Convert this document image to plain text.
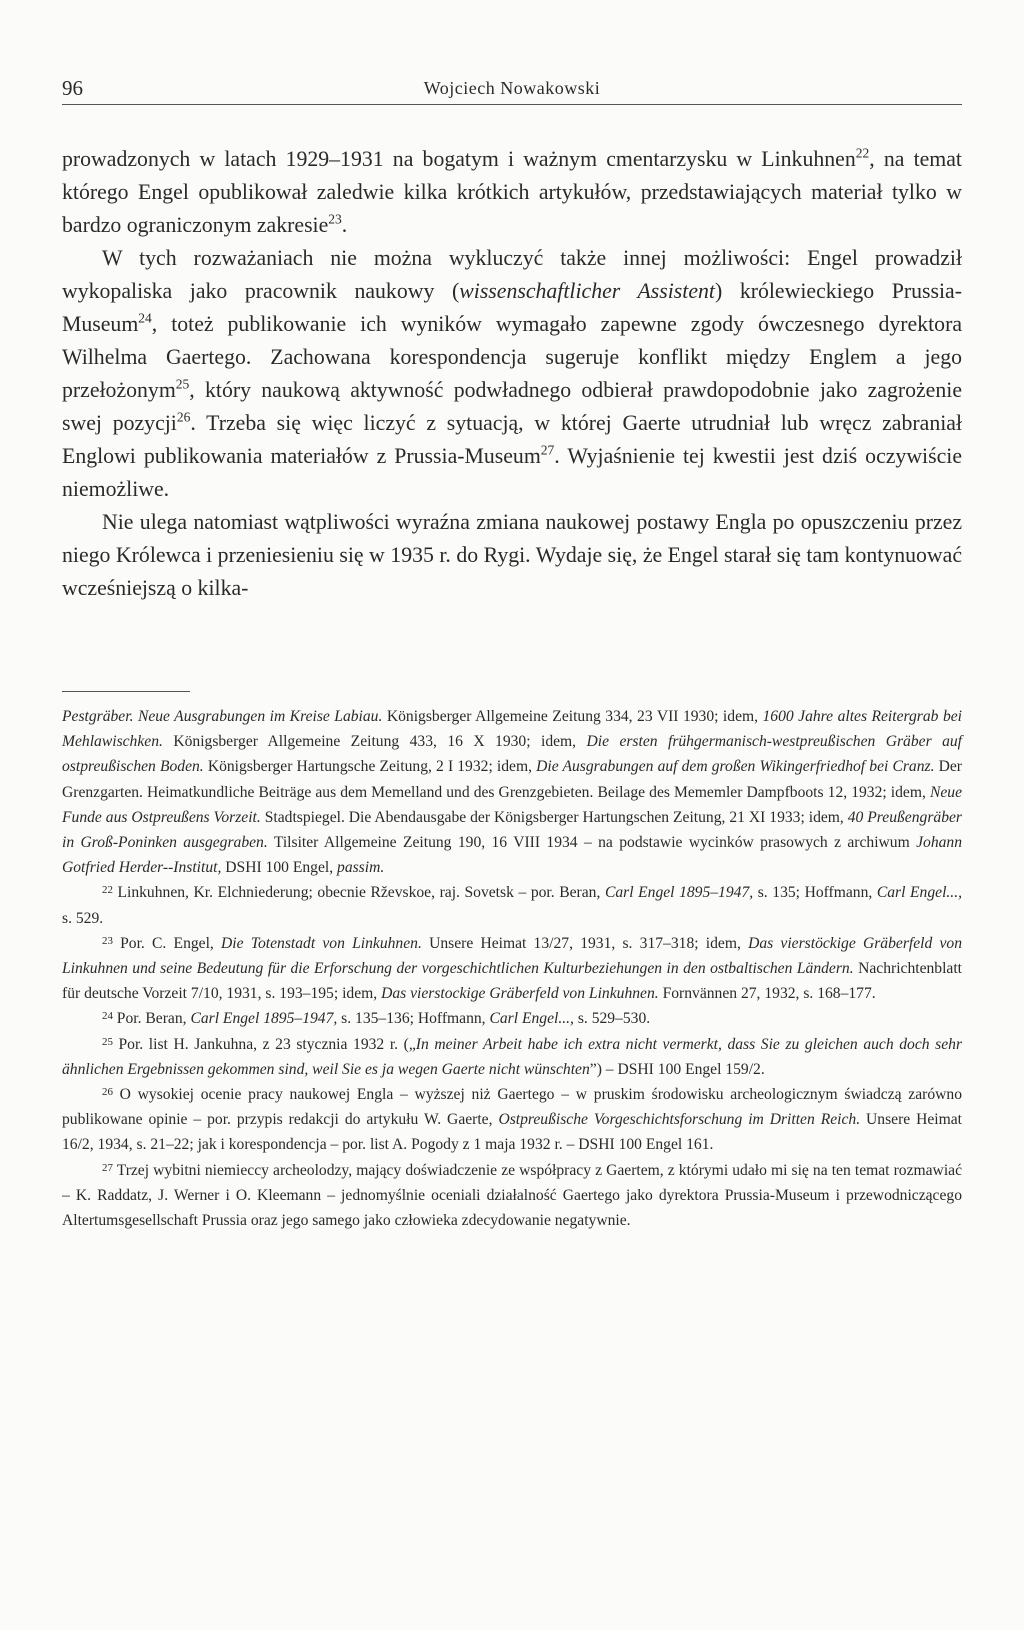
96	Wojciech Nowakowski

prowadzonych w latach 1929–1931 na bogatym i ważnym cmentarzysku w Linkuhnen$^{22}$, na temat którego Engel opublikował zaledwie kilka krótkich artykułów, przedstawiających materiał tylko w bardzo ograniczonym zakresie$^{23}$.

W tych rozważaniach nie można wykluczyć także innej możliwości: Engel prowadził wykopaliska jako pracownik naukowy (wissenschaftlicher Assistent) królewieckiego Prussia-Museum$^{24}$, toteż publikowanie ich wyników wymagało zapewne zgody ówczesnego dyrektora Wilhelma Gaertego. Zachowana korespondencja sugeruje konflikt między Englem a jego przełożonym$^{25}$, który naukową aktywność podwładnego odbierał prawdopodobnie jako zagrożenie swej pozycji$^{26}$. Trzeba się więc liczyć z sytuacją, w której Gaerte utrudniał lub wręcz zabraniał Englowi publikowania materiałów z Prussia-Museum$^{27}$. Wyjaśnienie tej kwestii jest dziś oczywiście niemożliwe.

Nie ulega natomiast wątpliwości wyraźna zmiana naukowej postawy Engla po opuszczeniu przez niego Królewca i przeniesieniu się w 1935 r. do Rygi. Wydaje się, że Engel starał się tam kontynuować wcześniejszą o kilka-

Pestgräber. Neue Ausgrabungen im Kreise Labiau. Königsberger Allgemeine Zeitung 334, 23 VII 1930; idem, 1600 Jahre altes Reitergrab bei Mehlawischken. Königsberger Allgemeine Zeitung 433, 16 X 1930; idem, Die ersten frühgermanisch-westpreußischen Gräber auf ostpreußischen Boden. Königsberger Hartungsche Zeitung, 2 I 1932; idem, Die Ausgrabungen auf dem großen Wikingerfriedhof bei Cranz. Der Grenzgarten. Heimatkundliche Beiträge aus dem Memelland und des Grenzgebieten. Beilage des Mememler Dampfboots 12, 1932; idem, Neue Funde aus Ostpreußens Vorzeit. Stadtspiegel. Die Abendausgabe der Königsberger Hartungschen Zeitung, 21 XI 1933; idem, 40 Preußengräber in Groß-Poninken ausgegraben. Tilsiter Allgemeine Zeitung 190, 16 VIII 1934 – na podstawie wycinków prasowych z archiwum Johann Gotfried Herder--Institut, DSHI 100 Engel, passim.

$^{22}$ Linkuhnen, Kr. Elchniederung; obecnie Rževskoe, raj. Sovetsk – por. Beran, Carl Engel 1895–1947, s. 135; Hoffmann, Carl Engel..., s. 529.

$^{23}$ Por. C. Engel, Die Totenstadt von Linkuhnen. Unsere Heimat 13/27, 1931, s. 317–318; idem, Das vierstöckige Gräberfeld von Linkuhnen und seine Bedeutung für die Erforschung der vorgeschichtlichen Kulturbeziehungen in den ostbaltischen Ländern. Nachrichtenblatt für deutsche Vorzeit 7/10, 1931, s. 193–195; idem, Das vierstockige Gräberfeld von Linkuhnen. Fornvännen 27, 1932, s. 168–177.

$^{24}$ Por. Beran, Carl Engel 1895–1947, s. 135–136; Hoffmann, Carl Engel..., s. 529–530.

$^{25}$ Por. list H. Jankuhna, z 23 stycznia 1932 r. („In meiner Arbeit habe ich extra nicht vermerkt, dass Sie zu gleichen auch doch sehr ähnlichen Ergebnissen gekommen sind, weil Sie es ja wegen Gaerte nicht wünschten”) – DSHI 100 Engel 159/2.

$^{26}$ O wysokiej ocenie pracy naukowej Engla – wyższej niż Gaertego – w pruskim środowisku archeologicznym świadczą zarówno publikowane opinie – por. przypis redakcji do artykułu W. Gaerte, Ostpreußische Vorgeschichtsforschung im Dritten Reich. Unsere Heimat 16/2, 1934, s. 21–22; jak i korespondencja – por. list A. Pogody z 1 maja 1932 r. – DSHI 100 Engel 161.

$^{27}$ Trzej wybitni niemieccy archeolodzy, mający doświadczenie ze współpracy z Gaertem, z którymi udało mi się na ten temat rozmawiać – K. Raddatz, J. Werner i O. Kleemann – jednomyślnie oceniali działalność Gaertego jako dyrektora Prussia-Museum i przewodniczącego Altertumsgesellschaft Prussia oraz jego samego jako człowieka zdecydowanie negatywnie.
